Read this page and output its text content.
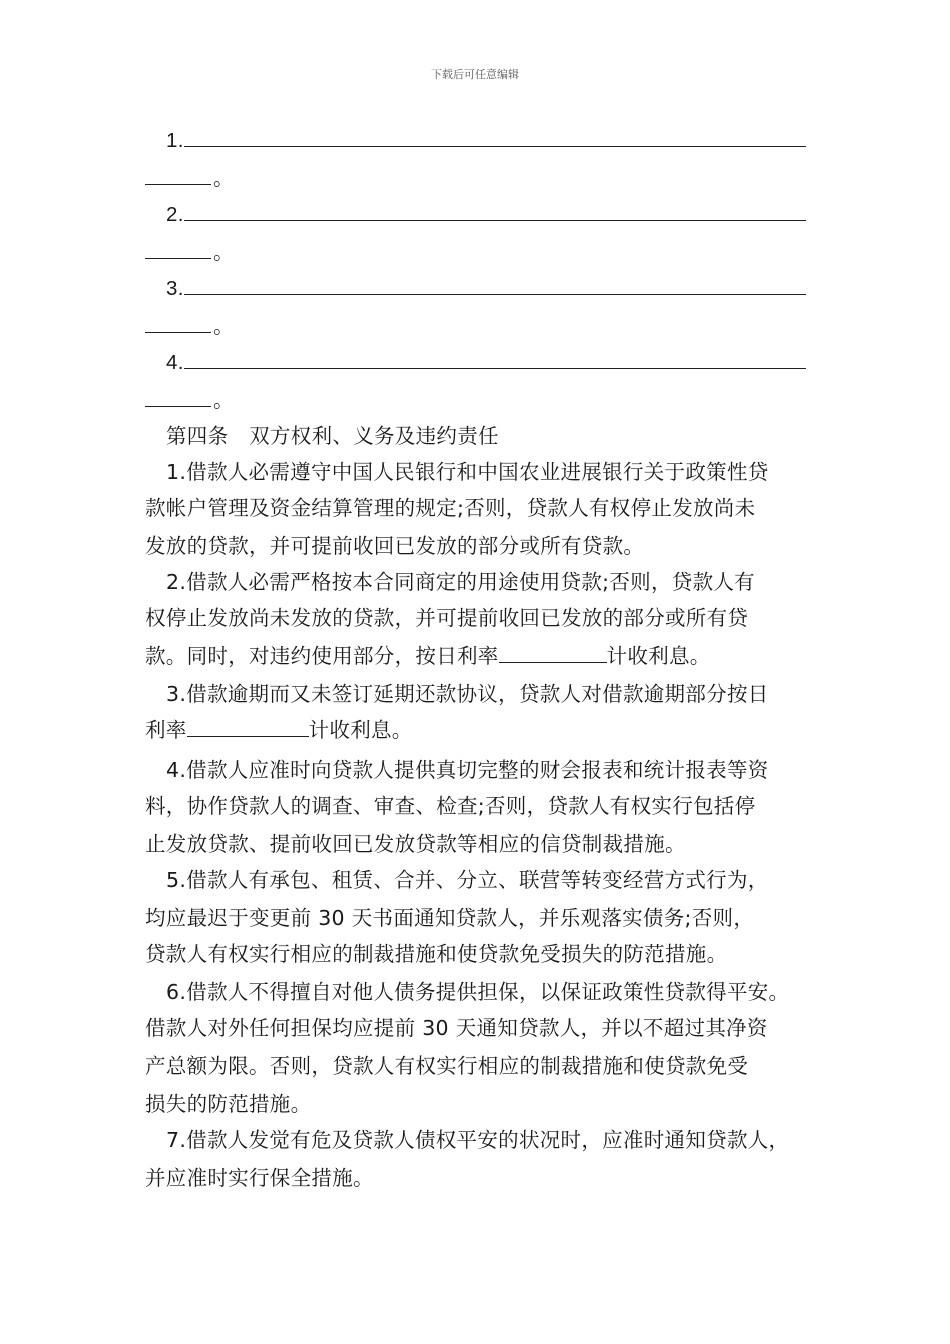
下载后可任意编辑
1.
。
2.
。
3.
。
4.
。
第四条　双方权利、义务及违约责任
1.借款人必需遵守中国人民银行和中国农业进展银行关于政策性贷
款帐户管理及资金结算管理的规定;否则，贷款人有权停止发放尚未
发放的贷款，并可提前收回已发放的部分或所有贷款。
2.借款人必需严格按本合同商定的用途使用贷款;否则，贷款人有
权停止发放尚未发放的贷款，并可提前收回已发放的部分或所有贷
款。同时，对违约使用部分，按日利率	计收利息。
3.借款逾期而又未签订延期还款协议，贷款人对借款逾期部分按日
利率	计收利息。
4.借款人应准时向贷款人提供真切完整的财会报表和统计报表等资
料，协作贷款人的调查、审查、检查;否则，贷款人有权实行包括停
止发放贷款、提前收回已发放贷款等相应的信贷制裁措施。
5.借款人有承包、租赁、合并、分立、联营等转变经营方式行为，
均应最迟于变更前 30 天书面通知贷款人，并乐观落实债务;否则，
贷款人有权实行相应的制裁措施和使贷款免受损失的防范措施。
6.借款人不得擅自对他人债务提供担保，以保证政策性贷款得平安。
借款人对外任何担保均应提前 30 天通知贷款人，并以不超过其净资
产总额为限。否则，贷款人有权实行相应的制裁措施和使贷款免受
损失的防范措施。
7.借款人发觉有危及贷款人债权平安的状况时，应准时通知贷款人，
并应准时实行保全措施。
